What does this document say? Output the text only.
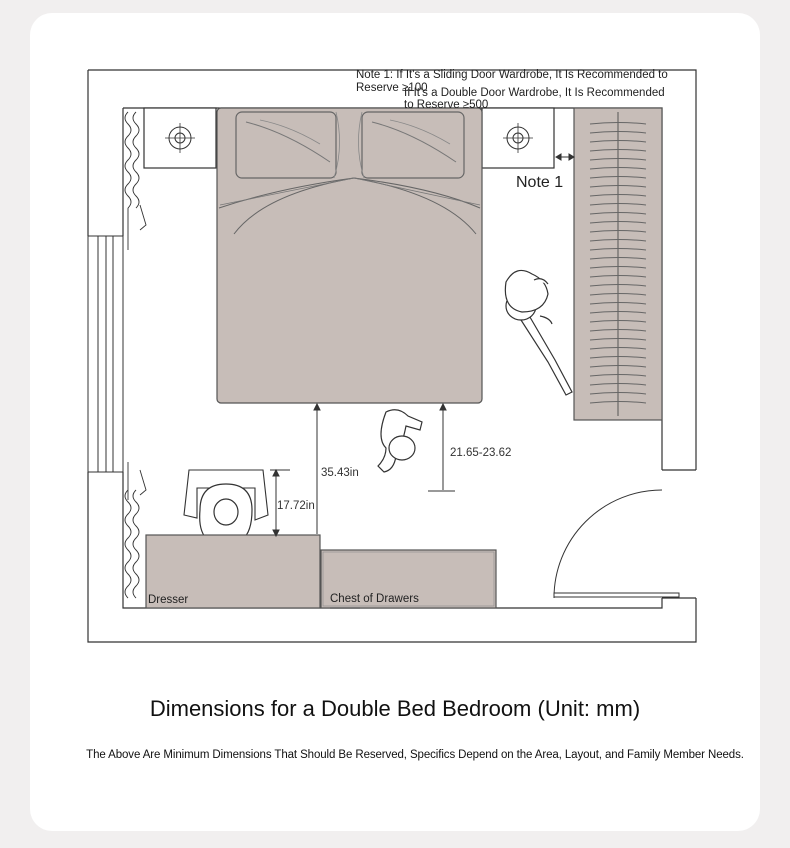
Dresser	Chest of Drawers
35.43in
17.72in
21.65-23.62
Note 1: If It's a Sliding Door Wardrobe, It Is Recommended to
Reserve ≥100
If It's a Double Door Wardrobe, It Is Recommended
to Reserve ≥500
Note 1
Dimensions for a Double Bed Bedroom (Unit: mm)
The Above Are Minimum Dimensions That Should Be Reserved, Specifics Depend on the Area, Layout, and Family Member Needs.
